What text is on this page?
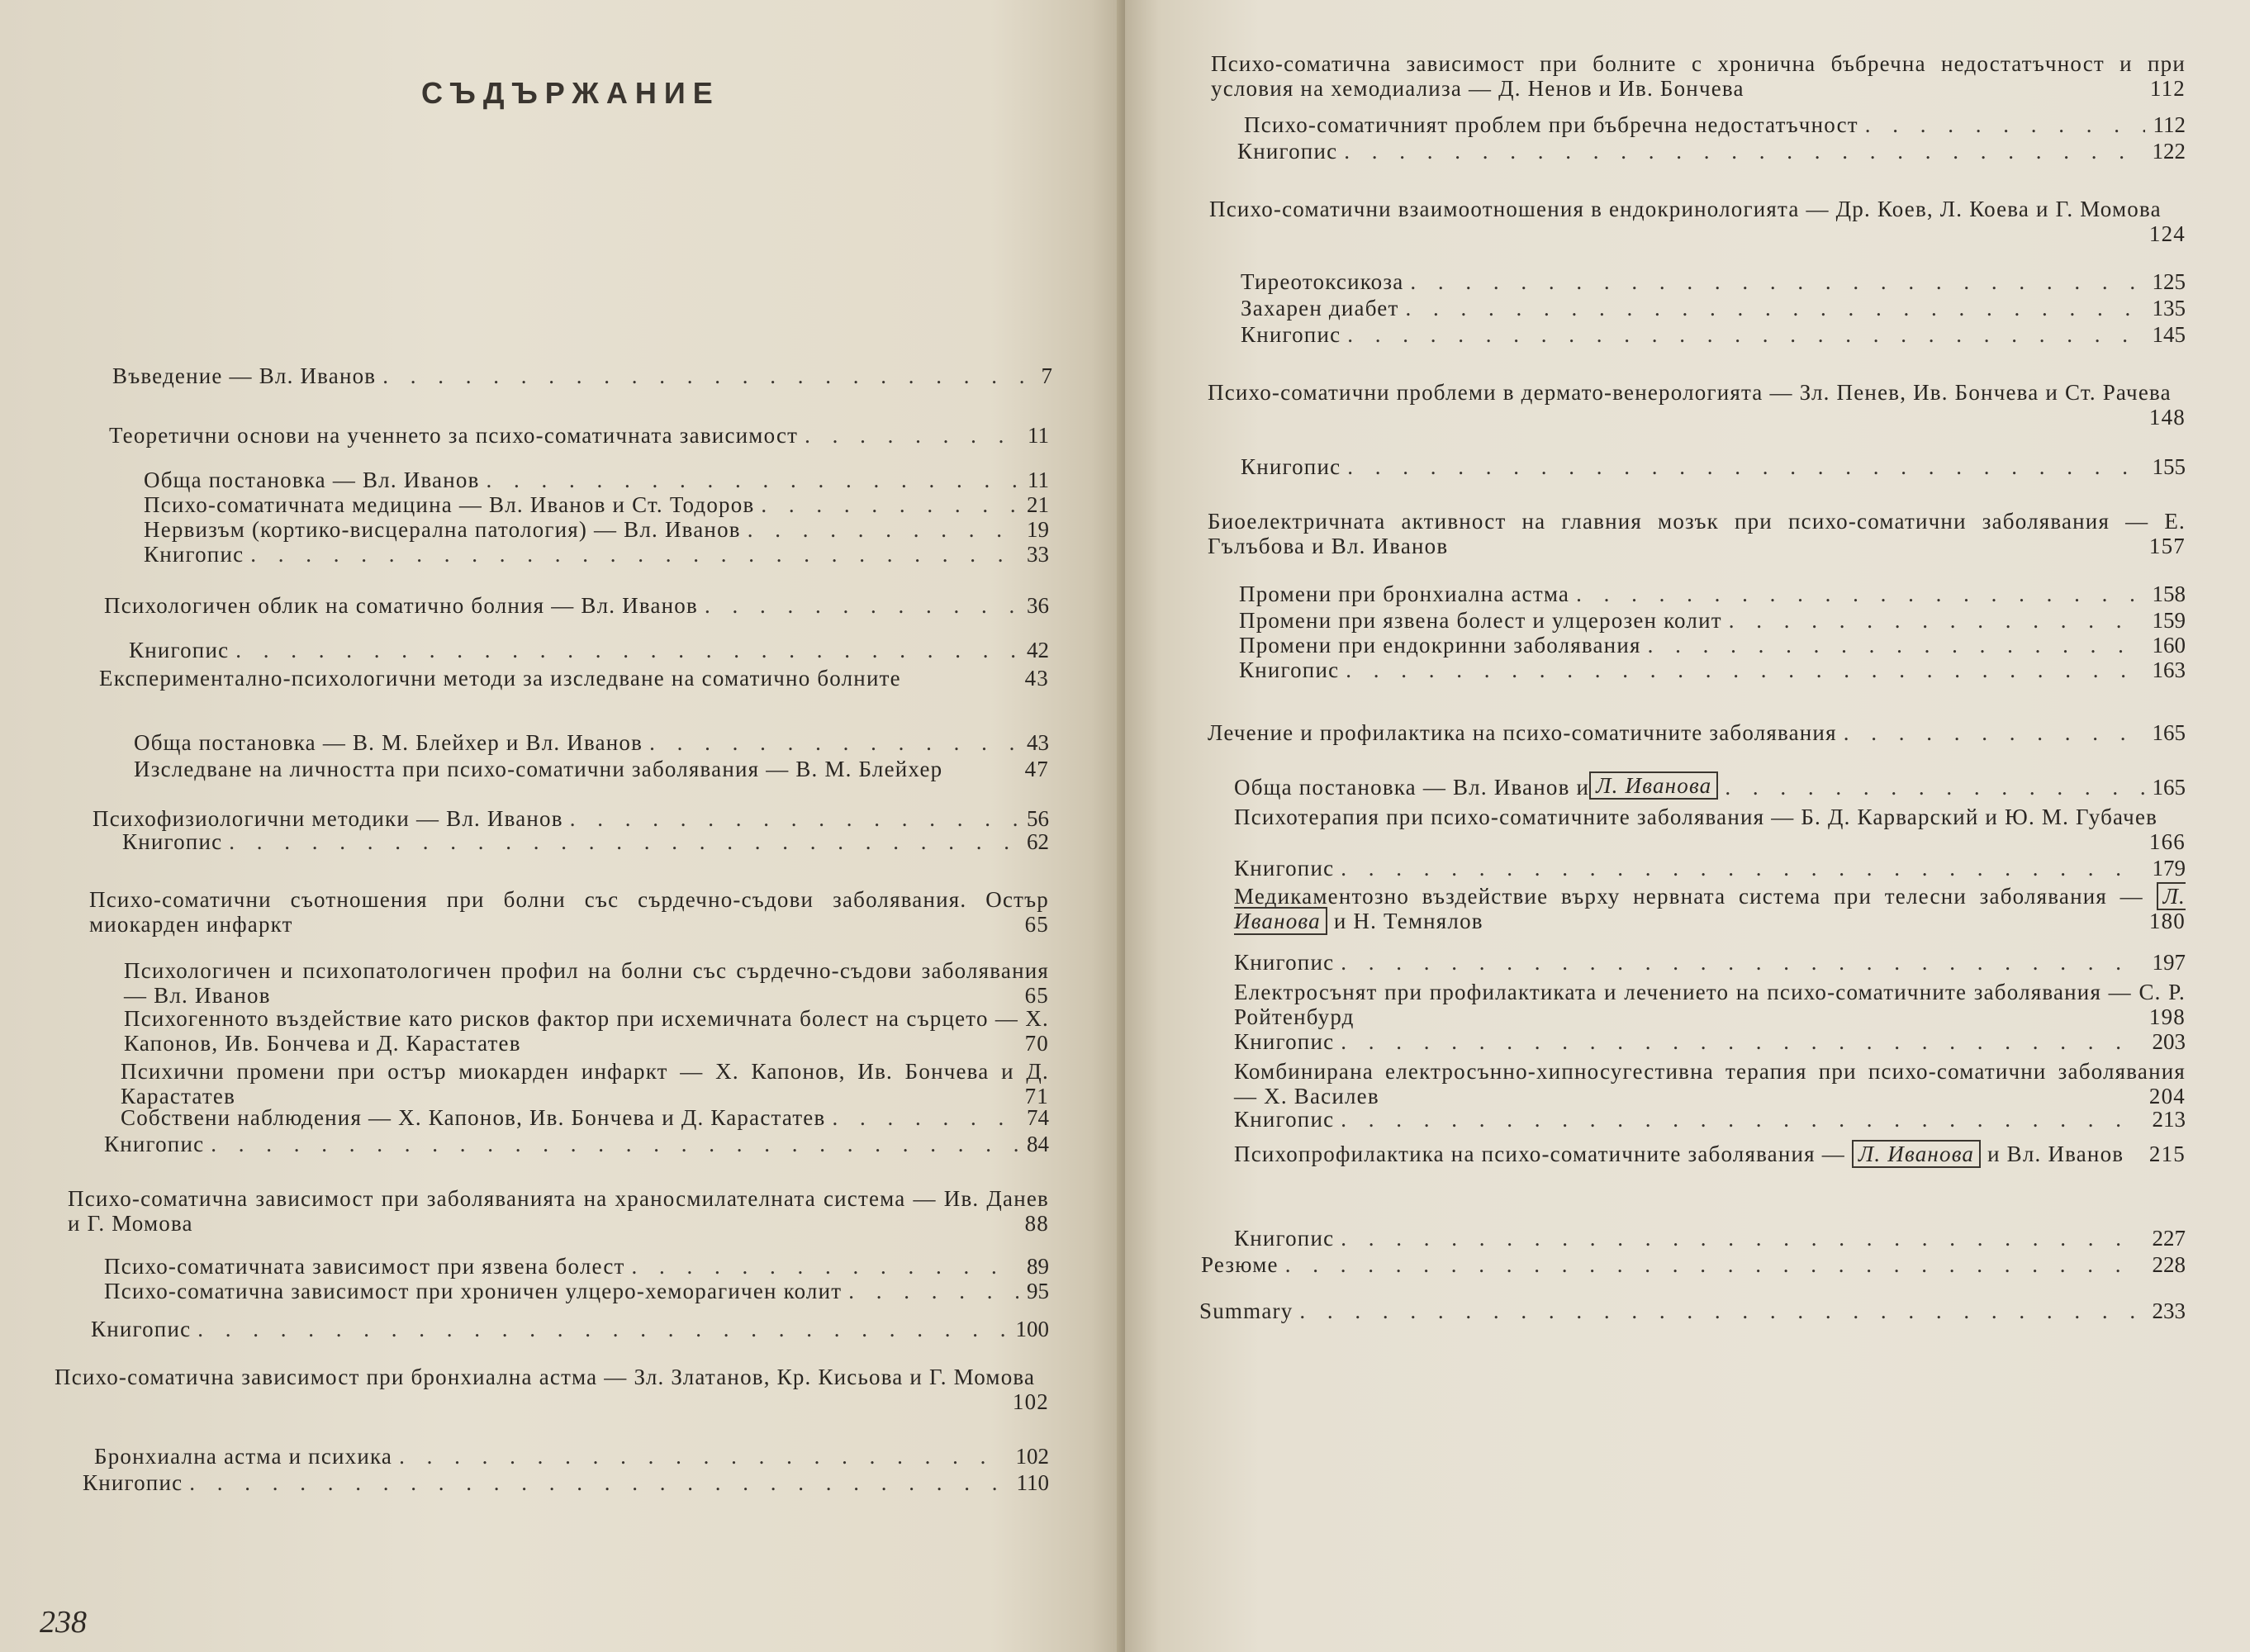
СЪДЪРЖАНИЕ
Въведение — Вл. Иванов . . .	7
Теоретични основи на ученнето за психо-соматичната зависимост . . .	11
Обща постановка — Вл. Иванов . . .	11
Психо-соматичната медицина — Вл. Иванов и Ст. Тодоров . . .	21
Нервизъм (кортико-висцерална патология) — Вл. Иванов . . .	19
Книгопис . . .	33
Психологичен облик на соматично болния — Вл. Иванов . . .	36
Книгопис . . .	42
Експериментално-психологични методи за изследване на соматично болните	43
Обща постановка — В. М. Блейхер и Вл. Иванов . . .	43
Изследване на личността при психо-соматични заболявания — В. М. Блейхер	47
Психофизиологични методики — Вл. Иванов . . .	56
Книгопис . . .	62
Психо-соматични съотношения при болни със сърдечно-съдови заболявания. Остър миокарден инфаркт	65
Психологичен и психопатологичен профил на болни със сърдечно-съдови заболявания — Вл. Иванов	65
Психогенното въздействие като рисков фактор при исхемичната болест на сърцето — Х. Капонов, Ив. Бончева и Д. Карастатев	70
Психични промени при остър миокарден инфаркт — Х. Капонов, Ив. Бончева и Д. Карастатев	71
Собствени наблюдения — Х. Капонов, Ив. Бончева и Д. Карастатев . . .	74
Книгопис . . .	84
Психо-соматична зависимост при заболяванията на храносмилателната система — Ив. Данев и Г. Момова	88
Психо-соматичната зависимост при язвена болест . . .	89
Психо-соматична зависимост при хроничен улцеро-хеморагичен колит . . .	95
Книгопис . . .	100
Психо-соматична зависимост при бронхиална астма — Зл. Златанов, Кр. Кисьова и Г. Момова
102
Бронхиална астма и психика . . .	102
Книгопис . . .	110
238
Психо-соматична зависимост при болните с хронична бъбречна недостатъчност и при условия на хемодиализа — Д. Ненов и Ив. Бончева	112
Психо-соматичният проблем при бъбречна недостатъчност . . .	112
Книгопис . . .	122
Психо-соматични взаимоотношения в ендокринологията — Др. Коев, Л. Коева и Г. Момова
124
Тиреотоксикоза . . .	125
Захарен диабет . . .	135
Книгопис . . .	145
Психо-соматични проблеми в дермато-венерологията — Зл. Пенев, Ив. Бончева и Ст. Рачева
148
Книгопис . . .	155
Биоелектричната активност на главния мозък при психо-соматични заболявания — Е. Гълъбова и Вл. Иванов	157
Промени при бронхиална астма . . .	158
Промени при язвена болест и улцерозен колит . . .	159
Промени при ендокринни заболявания . . .	160
Книгопис . . .	163
Лечение и профилактика на психо-соматичните заболявания . . .	165
Обща постановка — Вл. Иванов и Л. Иванова . . .	165
Психотерапия при психо-соматичните заболявания — Б. Д. Карварский и Ю. М. Губачев
166
Книгопис . . .	179
Медикаментозно въздействие върху нервната система при телесни заболявания — Л. Иванова и Н. Темнялов	180
Книгопис . . .	197
Електросънят при профилактиката и лечението на психо-соматичните заболявания — С. Р. Ройтенбурд	198
Книгопис . . .	203
Комбинирана електросънно-хипносугестивна терапия при психо-соматични заболявания — Х. Василев	204
Книгопис . . .	213
Психопрофилактика на психо-соматичните заболявания — Л. Иванова и Вл. Иванов 215
Книгопис . . .	227
Резюме . . .	228
Summary . . .	233
